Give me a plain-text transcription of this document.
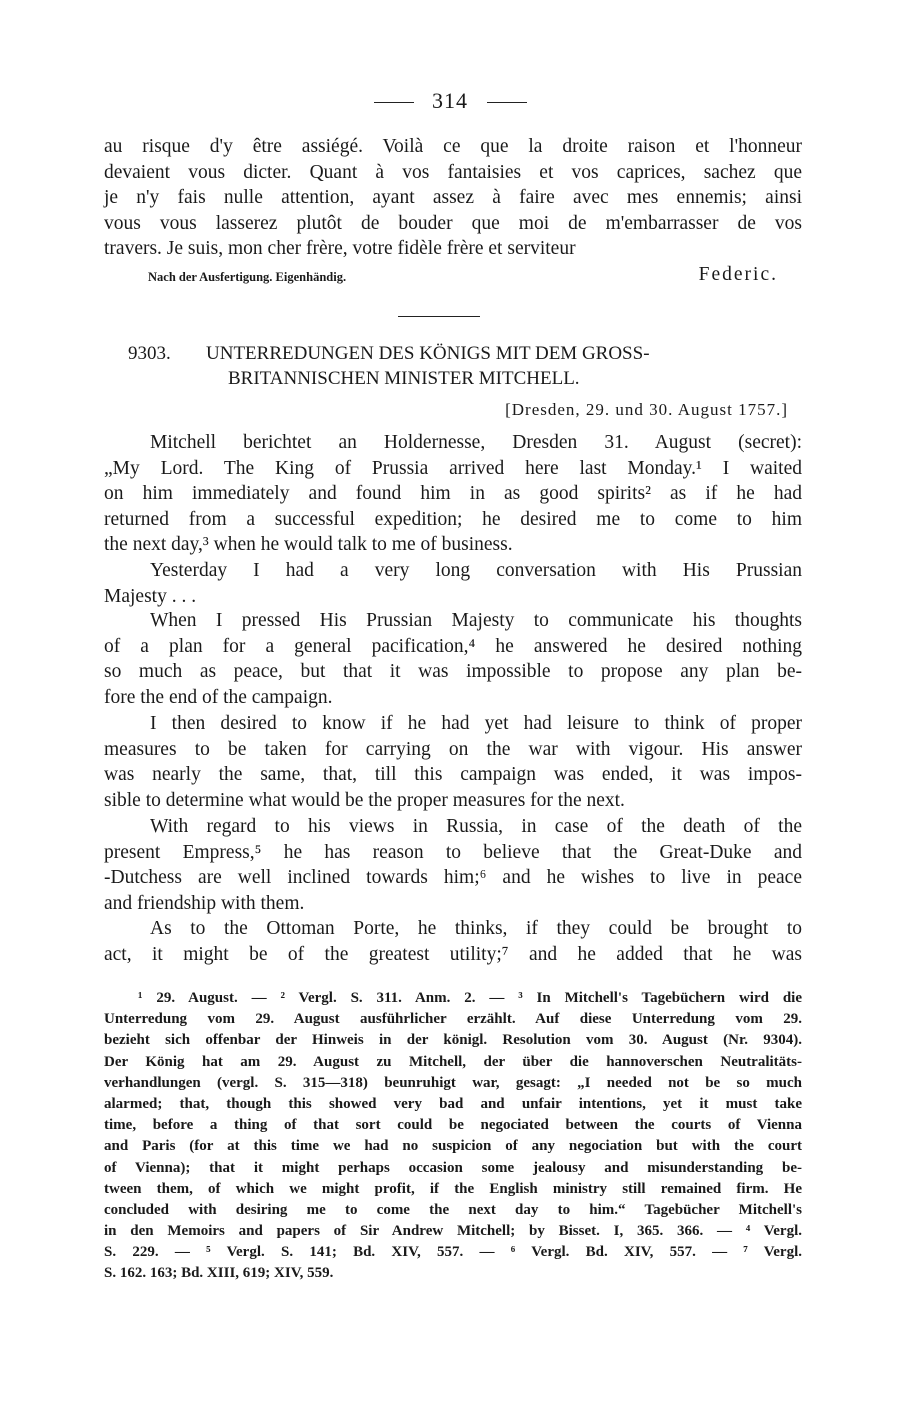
314
au risque d'y être assiégé. Voilà ce que la droite raison et l'honneur
devaient vous dicter. Quant à vos fantaisies et vos caprices, sachez que
je n'y fais nulle attention, ayant assez à faire avec mes ennemis; ainsi
vous vous lasserez plutôt de bouder que moi de m'embarrasser de vos
travers. Je suis, mon cher frère, votre fidèle frère et serviteur
Nach der Ausfertigung. Eigenhändig.	Federic.
9303. UNTERREDUNGEN DES KÖNIGS MIT DEM GROSS-
BRITANNISCHEN MINISTER MITCHELL.
[Dresden, 29. und 30. August 1757.]
Mitchell berichtet an Holdernesse, Dresden 31. August (secret):
„My Lord. The King of Prussia arrived here last Monday.¹ I waited
on him immediately and found him in as good spirits² as if he had
returned from a successful expedition; he desired me to come to him
the next day,³ when he would talk to me of business.
Yesterday I had a very long conversation with His Prussian
Majesty . . .
When I pressed His Prussian Majesty to communicate his thoughts
of a plan for a general pacification,⁴ he answered he desired nothing
so much as peace, but that it was impossible to propose any plan be-
fore the end of the campaign.
I then desired to know if he had yet had leisure to think of proper
measures to be taken for carrying on the war with vigour. His answer
was nearly the same, that, till this campaign was ended, it was impos-
sible to determine what would be the proper measures for the next.
With regard to his views in Russia, in case of the death of the
present Empress,⁵ he has reason to believe that the Great-Duke and
-Dutchess are well inclined towards him;⁶ and he wishes to live in peace
and friendship with them.
As to the Ottoman Porte, he thinks, if they could be brought to
act, it might be of the greatest utility;⁷ and he added that he was
¹ 29. August. — ² Vergl. S. 311. Anm. 2. — ³ In Mitchell's Tagebüchern wird die
Unterredung vom 29. August ausführlicher erzählt. Auf diese Unterredung vom 29.
bezieht sich offenbar der Hinweis in der königl. Resolution vom 30. August (Nr. 9304).
Der König hat am 29. August zu Mitchell, der über die hannoverschen Neutralitäts-
verhandlungen (vergl. S. 315—318) beunruhigt war, gesagt: „I needed not be so much
alarmed; that, though this showed very bad and unfair intentions, yet it must take
time, before a thing of that sort could be negociated between the courts of Vienna
and Paris (for at this time we had no suspicion of any negociation but with the court
of Vienna); that it might perhaps occasion some jealousy and misunderstanding be-
tween them, of which we might profit, if the English ministry still remained firm. He
concluded with desiring me to come the next day to him.“ Tagebücher Mitchell's
in den Memoirs and papers of Sir Andrew Mitchell; by Bisset. I, 365. 366. — ⁴ Vergl.
S. 229. — ⁵ Vergl. S. 141; Bd. XIV, 557. — ⁶ Vergl. Bd. XIV, 557. — ⁷ Vergl.
S. 162. 163; Bd. XIII, 619; XIV, 559.
